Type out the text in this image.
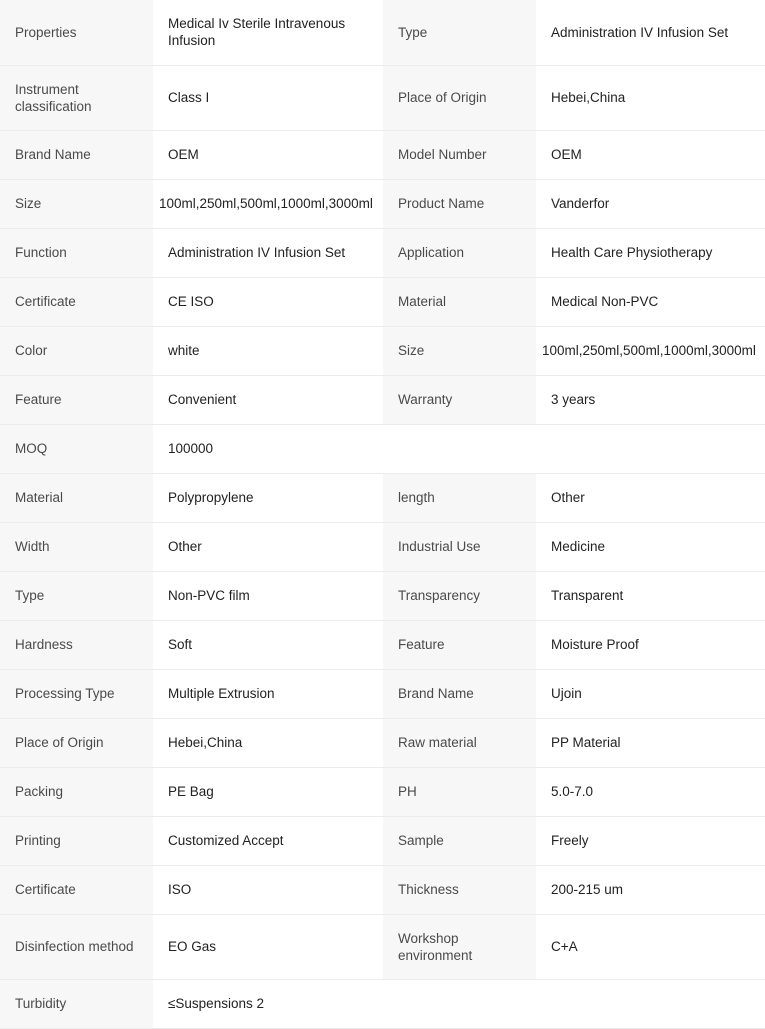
Properties	Medical Iv Sterile Intravenous Infusion	Type	Administration IV Infusion Set
Instrument classification	Class I	Place of Origin	Hebei,China
Brand Name	OEM	Model Number	OEM
Size	100ml,250ml,500ml,1000ml,3000ml	Product Name	Vanderfor
Function	Administration IV Infusion Set	Application	Health Care Physiotherapy
Certificate	CE ISO	Material	Medical Non-PVC
Color	white	Size	100ml,250ml,500ml,1000ml,3000ml
Feature	Convenient	Warranty	3 years
MOQ	100000		
Material	Polypropylene	length	Other
Width	Other	Industrial Use	Medicine
Type	Non-PVC film	Transparency	Transparent
Hardness	Soft	Feature	Moisture Proof
Processing Type	Multiple Extrusion	Brand Name	Ujoin
Place of Origin	Hebei,China	Raw material	PP Material
Packing	PE Bag	PH	5.0-7.0
Printing	Customized Accept	Sample	Freely
Certificate	ISO	Thickness	200-215 um
Disinfection method	EO Gas	Workshop environment	C+A
Turbidity	≤Suspensions 2		
